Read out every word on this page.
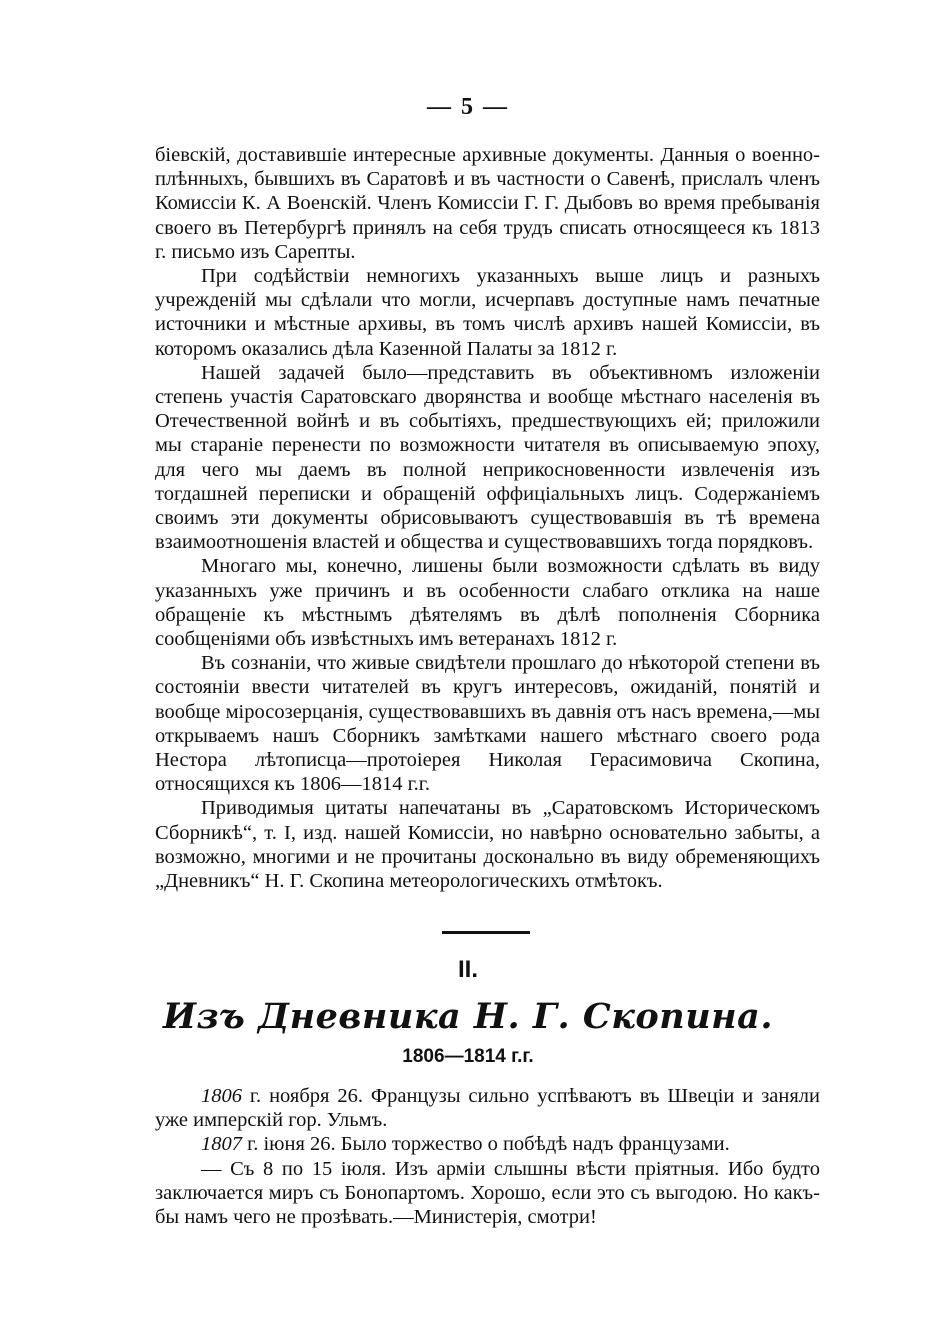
— 5 —

біевскій, доставившіе интересные архивные документы. Данныя о военно-плѣнныхъ, бывшихъ въ Саратовѣ и въ частности о Савенѣ, прислалъ членъ Комиссіи К. А Военскій. Членъ Комиссіи Г. Г. Дыбовъ во время пребыванія своего въ Петербургѣ принялъ на себя трудъ списать относящееся къ 1813 г. письмо изъ Сарепты.

При содѣйствіи немногихъ указанныхъ выше лицъ и разныхъ учрежденій мы сдѣлали что могли, исчерпавъ доступные намъ печатные источники и мѣстные архивы, въ томъ числѣ архивъ нашей Комиссіи, въ которомъ оказались дѣла Казенной Палаты за 1812 г.

Нашей задачей было—представить въ объективномъ изложеніи степень участія Саратовскаго дворянства и вообще мѣстнаго населенія въ Отечественной войнѣ и въ событіяхъ, предшествующихъ ей; приложили мы стараніе перенести по возможности читателя въ описываемую эпоху, для чего мы даемъ въ полной неприкосновенности извлеченія изъ тогдашней переписки и обращеній оффиціальныхъ лицъ. Содержаніемъ своимъ эти документы обрисовываютъ существовавшія въ тѣ времена взаимоотношенія властей и общества и существовавшихъ тогда порядковъ.

Многаго мы, конечно, лишены были возможности сдѣлать въ виду указанныхъ уже причинъ и въ особенности слабаго отклика на наше обращеніе къ мѣстнымъ дѣятелямъ въ дѣлѣ пополненія Сборника сообщеніями объ извѣстныхъ имъ ветеранахъ 1812 г.

Въ сознаніи, что живые свидѣтели прошлаго до нѣкоторой степени въ состояніи ввести читателей въ кругъ интересовъ, ожиданій, понятій и вообще міросозерцанія, существовавшихъ въ давнія отъ насъ времена,—мы открываемъ нашъ Сборникъ замѣтками нашего мѣстнаго своего рода Нестора лѣтописца—протоіерея Николая Герасимовича Скопина, относящихся къ 1806—1814 г.г.

Приводимыя цитаты напечатаны въ „Саратовскомъ Историческомъ Сборникѣ“, т. I, изд. нашей Комиссіи, но навѣрно основательно забыты, а возможно, многими и не прочитаны досконально въ виду обременяющихъ „Дневникъ“ Н. Г. Скопина метеорологическихъ отмѣтокъ.

II.
Изъ Дневника Н. Г. Скопина.
1806—1814 г.г.

1806 г. ноября 26. Французы сильно успѣваютъ въ Швеціи и заняли уже имперскій гор. Ульмъ.

1807 г. іюня 26. Было торжество о побѣдѣ надъ французами.

— Съ 8 по 15 іюля. Изъ арміи слышны вѣсти пріятныя. Ибо будто заключается миръ съ Бонопартомъ. Хорошо, если это съ выгодою. Но какъ-бы намъ чего не прозѣвать.—Министерія, смотри!
